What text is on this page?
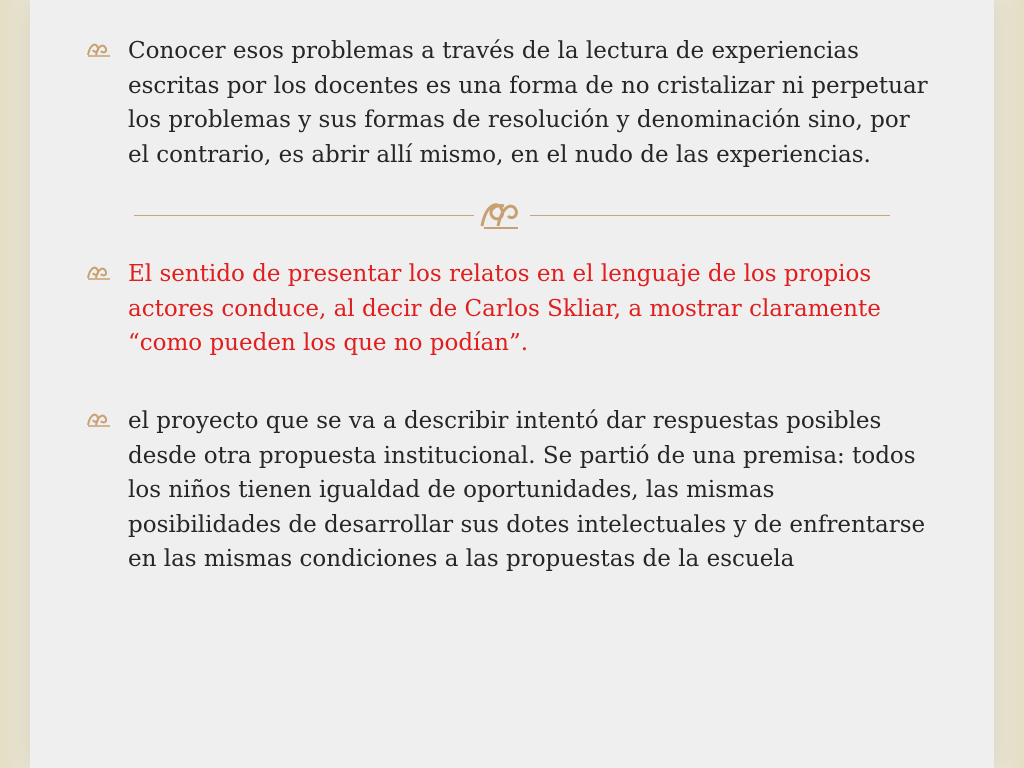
Conocer esos problemas a través de la lectura de experiencias escritas por los docentes es una forma de no cristalizar ni perpetuar los problemas y sus formas de resolución y denominación sino, por el contrario, es abrir allí mismo, en el nudo de las experiencias.
El sentido de presentar los relatos en el lenguaje de los propios actores conduce, al decir de Carlos Skliar, a mostrar claramente “como pueden los que no podían”.
el proyecto que se va a describir intentó dar respuestas posibles desde otra propuesta institucional. Se partió de una premisa: todos los niños tienen igualdad de oportunidades, las mismas posibilidades de desarrollar sus dotes intelectuales y de enfrentarse en las mismas condiciones a las propuestas de la escuela
